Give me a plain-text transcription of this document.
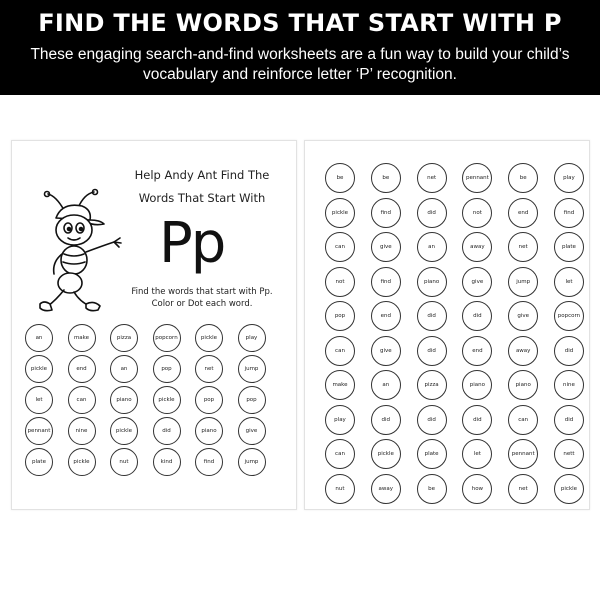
FIND THE WORDS THAT START WITH P
These engaging search-and-find worksheets are a fun way to build your child’s vocabulary and reinforce letter ‘P’ recognition.
Help Andy Ant Find The
Words That Start With
Pp
Find the words that start with Pp.
Color or Dot each word.
an	make	pizza	popcorn	pickle	play
pickle	end	an	pop	net	jump
let	can	piano	pickle	pop	pop
pennant	nine	pickle	did	piano	give
plate	pickle	nut	kind	find	jump
be	be	net	pennant	be	play
pickle	find	did	not	end	find
can	give	an	away	net	plate
not	find	piano	give	jump	let
pop	end	did	did	give	popcorn
can	give	did	end	away	did
make	an	pizza	piano	piano	nine
play	did	did	did	can	did
can	pickle	plate	let	pennant	nett
nut	away	be	how	net	pickle
